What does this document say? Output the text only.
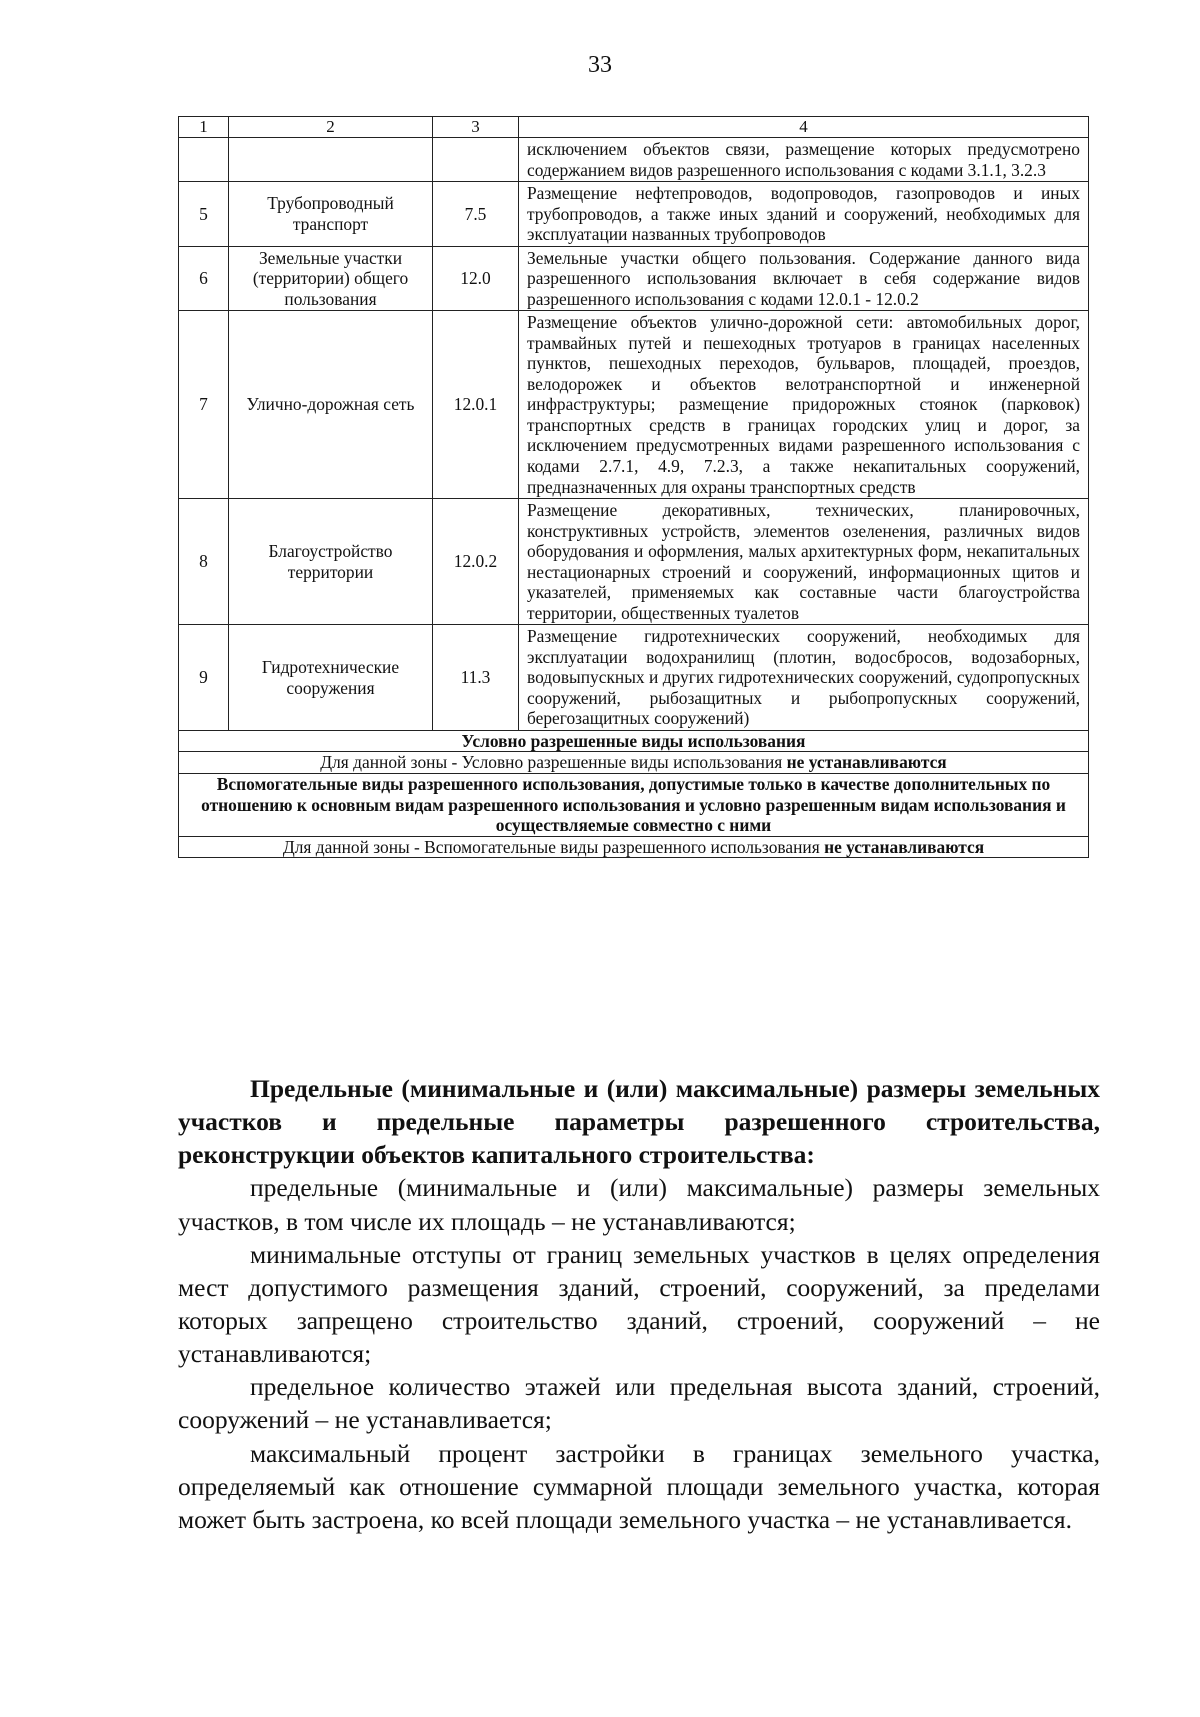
33
1	2	3	4
			исключением объектов связи, размещение которых предусмотрено содержанием видов разрешенного использования с кодами 3.1.1, 3.2.3
5	Трубопроводный транспорт	7.5	Размещение нефтепроводов, водопроводов, газопроводов и иных трубопроводов, а также иных зданий и сооружений, необходимых для эксплуатации названных трубопроводов
6	Земельные участки (территории) общего пользования	12.0	Земельные участки общего пользования. Содержание данного вида разрешенного использования включает в себя содержание видов разрешенного использования с кодами 12.0.1 - 12.0.2
7	Улично-дорожная сеть	12.0.1	Размещение объектов улично-дорожной сети: автомобильных дорог, трамвайных путей и пешеходных тротуаров в границах населенных пунктов, пешеходных переходов, бульваров, площадей, проездов, велодорожек и объектов велотранспортной и инженерной инфраструктуры; размещение придорожных стоянок (парковок) транспортных средств в границах городских улиц и дорог, за исключением предусмотренных видами разрешенного использования с кодами 2.7.1, 4.9, 7.2.3, а также некапитальных сооружений, предназначенных для охраны транспортных средств
8	Благоустройство территории	12.0.2	Размещение декоративных, технических, планировочных, конструктивных устройств, элементов озеленения, различных видов оборудования и оформления, малых архитектурных форм, некапитальных нестационарных строений и сооружений, информационных щитов и указателей, применяемых как составные части благоустройства территории, общественных туалетов
9	Гидротехнические сооружения	11.3	Размещение гидротехнических сооружений, необходимых для эксплуатации водохранилищ (плотин, водосбросов, водозаборных, водовыпускных и других гидротехнических сооружений, судопропускных сооружений, рыбозащитных и рыбопропускных сооружений, берегозащитных сооружений)
Условно разрешенные виды использования			
Для данной зоны - Условно разрешенные виды использования не устанавливаются			
Вспомогательные виды разрешенного использования, допустимые только в качестве дополнительных по отношению к основным видам разрешенного использования и условно разрешенным видам использования и осуществляемые совместно с ними			
Для данной зоны - Вспомогательные виды разрешенного использования не устанавливаются			

Предельные (минимальные и (или) максимальные) размеры земельных участков и предельные параметры разрешенного строительства, реконструкции объектов капитального строительства:

предельные (минимальные и (или) максимальные) размеры земельных участков, в том числе их площадь – не устанавливаются;

минимальные отступы от границ земельных участков в целях определения мест допустимого размещения зданий, строений, сооружений, за пределами которых запрещено строительство зданий, строений, сооружений – не устанавливаются;

предельное количество этажей или предельная высота зданий, строений, сооружений – не устанавливается;

максимальный процент застройки в границах земельного участка, определяемый как отношение суммарной площади земельного участка, которая может быть застроена, ко всей площади земельного участка – не устанавливается.
